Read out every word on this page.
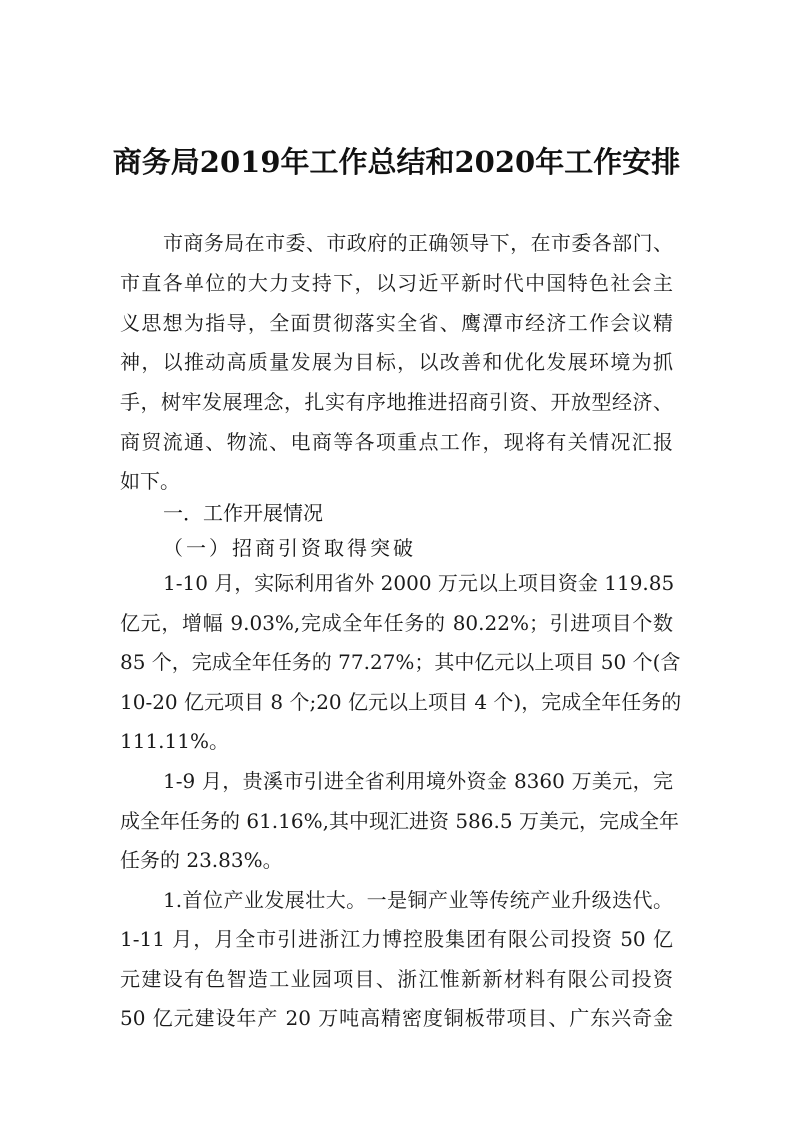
商务局2019年工作总结和2020年工作安排
市商务局在市委、市政府的正确领导下，在市委各部门、
市直各单位的大力支持下，以习近平新时代中国特色社会主
义思想为指导，全面贯彻落实全省、鹰潭市经济工作会议精
神，以推动高质量发展为目标，以改善和优化发展环境为抓
手，树牢发展理念，扎实有序地推进招商引资、开放型经济、
商贸流通、物流、电商等各项重点工作，现将有关情况汇报
如下。
一．工作开展情况
（一）招商引资取得突破
1-10 月，实际利用省外 2000 万元以上项目资金 119.85
亿元，增幅 9.03%,完成全年任务的 80.22%；引进项目个数
85 个，完成全年任务的 77.27%；其中亿元以上项目 50 个(含
10-20 亿元项目 8 个;20 亿元以上项目 4 个)，完成全年任务的
111.11%。
1-9 月，贵溪市引进全省利用境外资金 8360 万美元，完
成全年任务的 61.16%,其中现汇进资 586.5 万美元，完成全年
任务的 23.83%。
1.首位产业发展壮大。一是铜产业等传统产业升级迭代。
1-11 月，月全市引进浙江力博控股集团有限公司投资 50 亿
元建设有色智造工业园项目、浙江惟新新材料有限公司投资
50 亿元建设年产 20 万吨高精密度铜板带项目、广东兴奇金
